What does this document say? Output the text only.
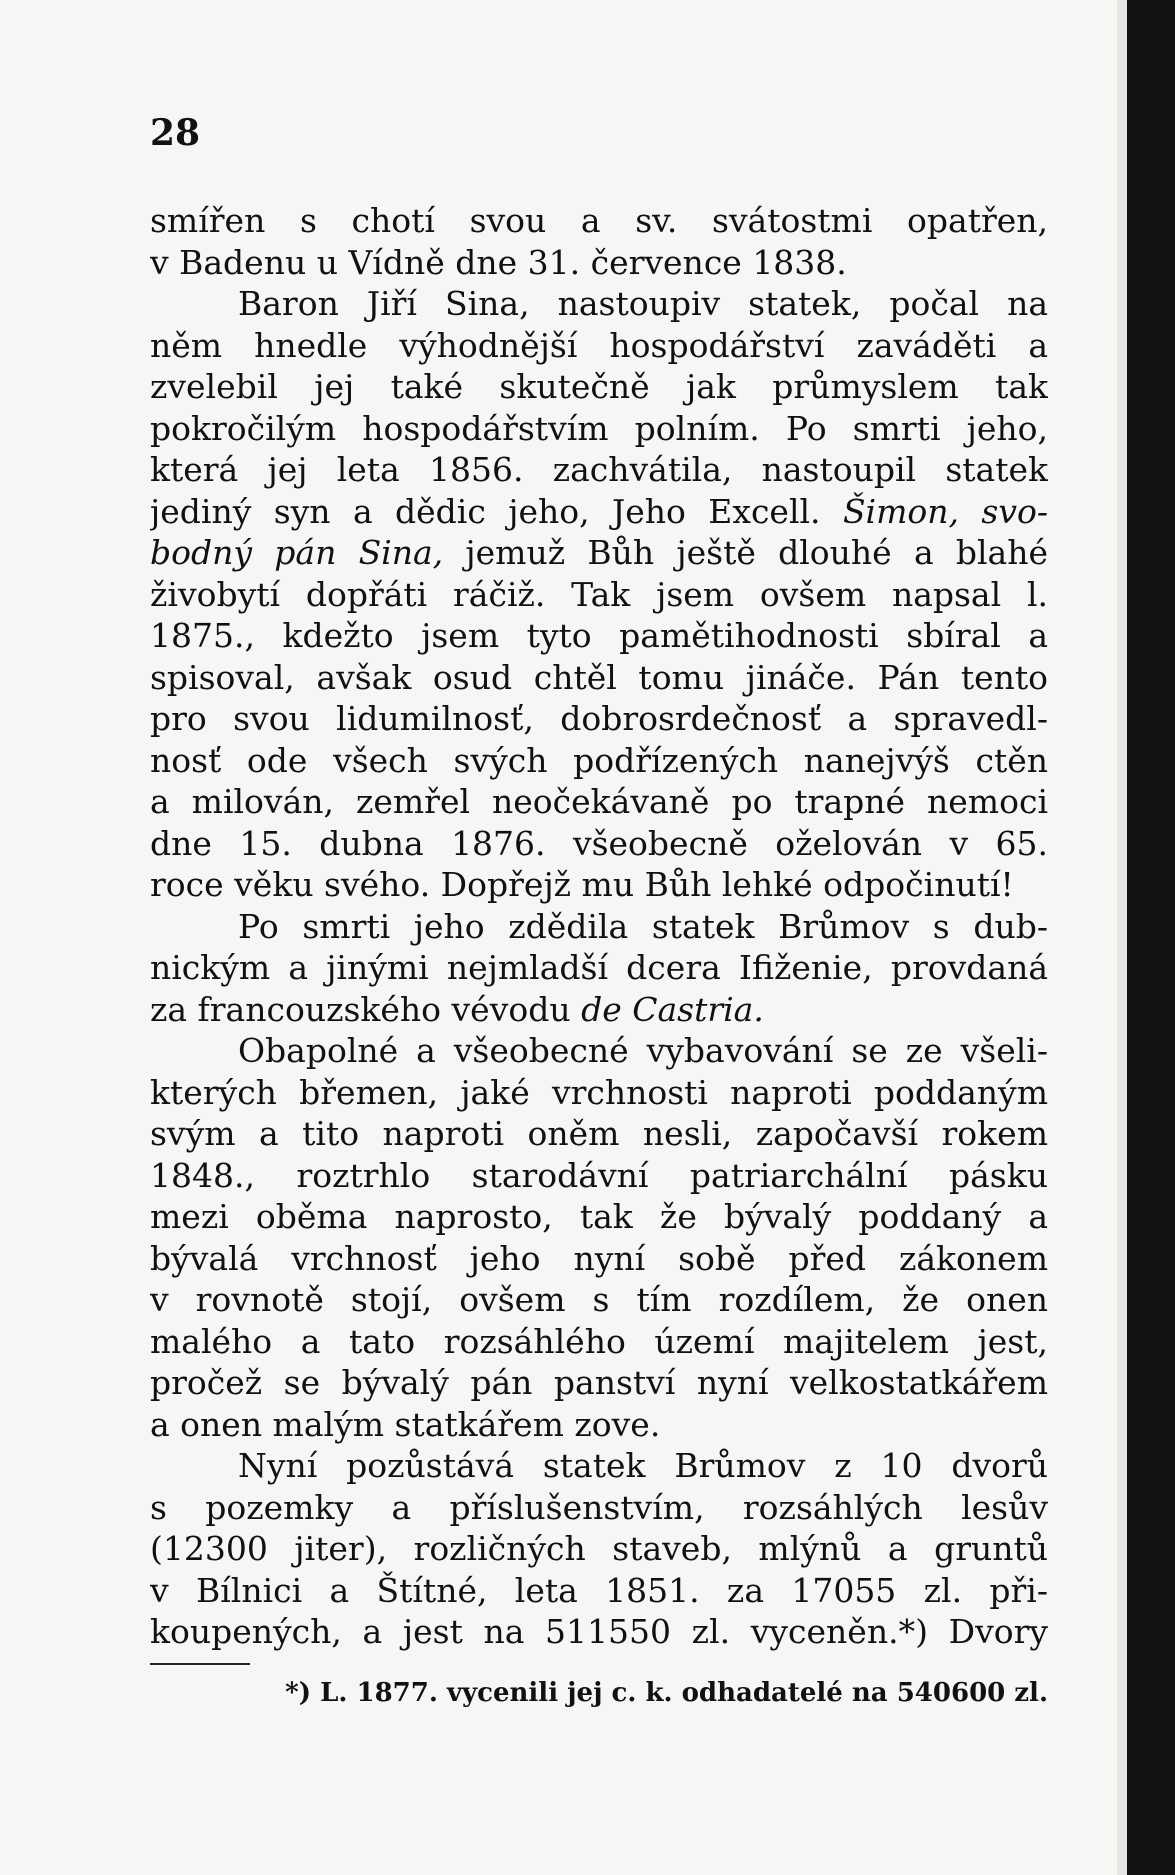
28
smířen s chotí svou a sv. svátostmi opatřen,
v Badenu u Vídně dne 31. července 1838.
Baron Jiří Sina, nastoupiv statek, počal na
něm hnedle výhodnější hospodářství zaváděti a
zvelebil jej také skutečně jak průmyslem tak
pokročilým hospodářstvím polním. Po smrti jeho,
která jej leta 1856. zachvátila, nastoupil statek
jediný syn a dědic jeho, Jeho Excell. Šimon, svo-
bodný pán Sina, jemuž Bůh ještě dlouhé a blahé
živobytí dopřáti ráčiž. Tak jsem ovšem napsal l.
1875., kdežto jsem tyto pamětihodnosti sbíral a
spisoval, avšak osud chtěl tomu jináče. Pán tento
pro svou lidumilnosť, dobrosrdečnosť a spravedl-
nosť ode všech svých podřízených nanejvýš ctěn
a milován, zemřel neočekávaně po trapné nemoci
dne 15. dubna 1876. všeobecně oželován v 65.
roce věku svého. Dopřejž mu Bůh lehké odpočinutí!
Po smrti jeho zdědila statek Brůmov s dub-
nickým a jinými nejmladší dcera Ifiženie, provdaná
za francouzského vévodu de Castria.
Obapolné a všeobecné vybavování se ze všeli-
kterých břemen, jaké vrchnosti naproti poddaným
svým a tito naproti oněm nesli, započavší rokem
1848., roztrhlo starodávní patriarchální pásku
mezi oběma naprosto, tak že bývalý poddaný a
bývalá vrchnosť jeho nyní sobě před zákonem
v rovnotě stojí, ovšem s tím rozdílem, že onen
malého a tato rozsáhlého území majitelem jest,
pročež se bývalý pán panství nyní velkostatkářem
a onen malým statkářem zove.
Nyní pozůstává statek Brůmov z 10 dvorů
s pozemky a příslušenstvím, rozsáhlých lesův
(12300 jiter), rozličných staveb, mlýnů a gruntů
v Bílnici a Štítné, leta 1851. za 17055 zl. při-
koupených, a jest na 511550 zl. vyceněn.*) Dvory
*) L. 1877. vycenili jej c. k. odhadatelé na 540600 zl.
